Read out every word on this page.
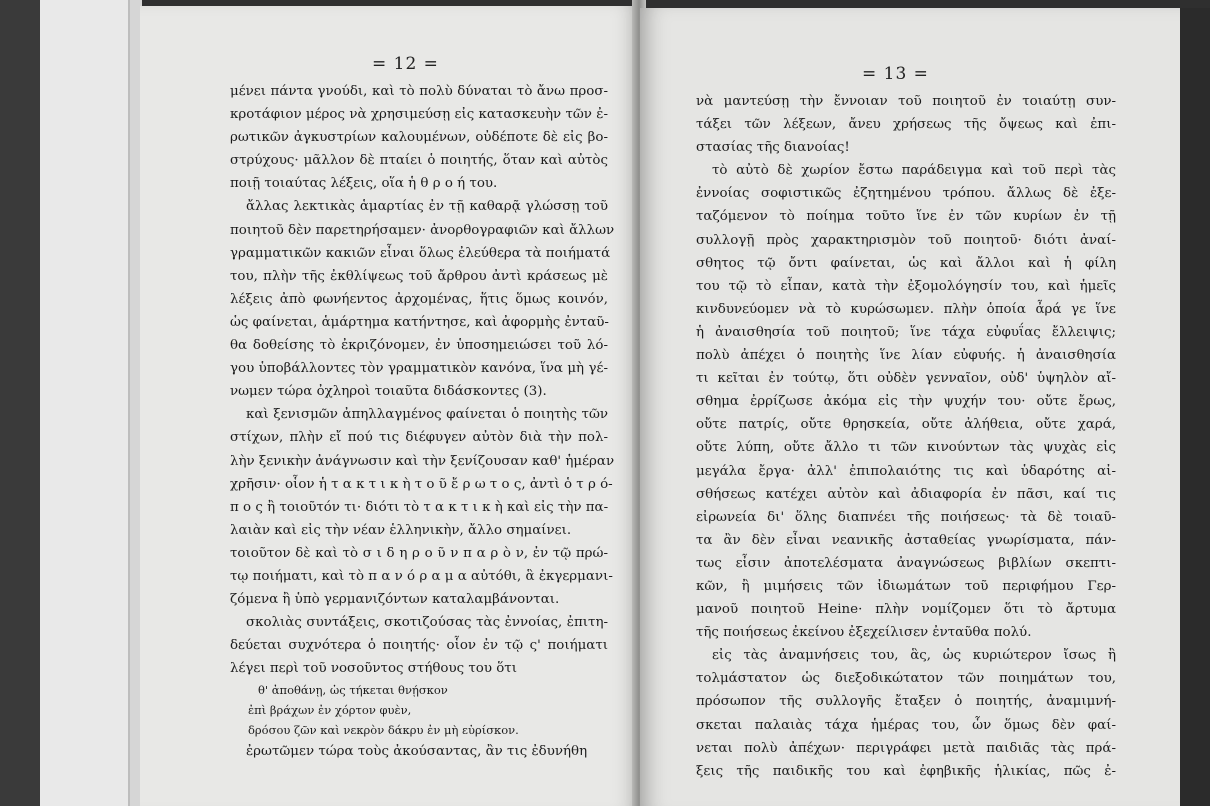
= 12 =
μένει πάντα γνούδι, καὶ τὸ πολὺ δύναται τὸ ἄνω προσ-
κροτάφιον μέρος νὰ χρησιμεύσῃ εἰς κατασκευὴν τῶν ἐ-
ρωτικῶν ἀγκυστρίων καλουμένων, οὐδέποτε δὲ εἰς βο-
στρύχους· μᾶλλον δὲ πταίει ὁ ποιητής, ὅταν καὶ αὐτὸς
ποιῇ τοιαύτας λέξεις, οἵα ἡ θ ρ ο ή του.
ἄλλας λεκτικὰς ἁμαρτίας ἐν τῇ καθαρᾷ γλώσσῃ τοῦ
ποιητοῦ δὲν παρετηρήσαμεν· ἀνορθογραφιῶν καὶ ἄλλων
γραμματικῶν κακιῶν εἶναι ὅλως ἐλεύθερα τὰ ποιήματά
του, πλὴν τῆς ἐκθλίψεως τοῦ ἄρθρου ἀντὶ κράσεως μὲ
λέξεις ἀπὸ φωνήεντος ἀρχομένας, ἥτις ὅμως κοινόν,
ὡς φαίνεται, ἁμάρτημα κατήντησε, καὶ ἀφορμὴς ἐνταῦ-
θα δοθείσης τὸ ἐκριζόνομεν, ἐν ὑποσημειώσει τοῦ λό-
γου ὑποβάλλοντες τὸν γραμματικὸν κανόνα, ἵνα μὴ γέ-
νωμεν τώρα ὀχληροὶ τοιαῦτα διδάσκοντες (3).
καὶ ξενισμῶν ἀπηλλαγμένος φαίνεται ὁ ποιητὴς τῶν
στίχων, πλὴν εἴ πού τις διέφυγεν αὐτὸν διὰ τὴν πολ-
λὴν ξενικὴν ἀνάγνωσιν καὶ τὴν ξενίζουσαν καθ' ἡμέραν
χρῆσιν· οἷον ἡ τ α κ τ ι κ ὴ τ ο ῦ ἔ ρ ω τ ο ς, ἀντὶ ὁ τ ρ ό-
π ο ς ἢ τοιοῦτόν τι· διότι τὸ τ α κ τ ι κ ὴ καὶ εἰς τὴν πα-
λαιὰν καὶ εἰς τὴν νέαν ἑλληνικὴν, ἄλλο σημαίνει.
τοιοῦτον δὲ καὶ τὸ σ ι δ η ρ ο ῦ ν π α ρ ὸ ν, ἐν τῷ πρώ-
τῳ ποιήματι, καὶ τὸ π α ν ό ρ α μ α αὐτόθι, ἃ ἐκγερμανι-
ζόμενα ἢ ὑπὸ γερμανιζόντων καταλαμβάνονται.
σκολιὰς συντάξεις, σκοτιζούσας τὰς ἐννοίας, ἐπιτη-
δεύεται συχνότερα ὁ ποιητής· οἷον ἐν τῷ ς' ποιήματι
λέγει περὶ τοῦ νοσοῦντος στήθους του ὅτι
θ' ἀποθάνῃ, ὡς τήκεται θνῄσκον
ἐπὶ βράχων ἐν χόρτον φυὲν,
δρόσου ζῶν καὶ νεκρὸν δάκρυ ἐν μὴ εὑρίσκον.
ἐρωτῶμεν τώρα τοὺς ἀκούσαντας, ἂν τις ἐδυνήθη
= 13 =
νὰ μαντεύσῃ τὴν ἔννοιαν τοῦ ποιητοῦ ἐν τοιαύτῃ συν-
τάξει τῶν λέξεων, ἄνευ χρήσεως τῆς ὄψεως καὶ ἐπι-
στασίας τῆς διανοίας!
τὸ αὐτὸ δὲ χωρίον ἔστω παράδειγμα καὶ τοῦ περὶ τὰς
ἐννοίας σοφιστικῶς ἐζητημένου τρόπου. ἄλλως δὲ ἐξε-
ταζόμενον τὸ ποίημα τοῦτο ἵνε ἐν τῶν κυρίων ἐν τῇ
συλλογῇ πρὸς χαρακτηρισμὸν τοῦ ποιητοῦ· διότι ἀναί-
σθητος τῷ ὄντι φαίνεται, ὡς καὶ ἄλλοι καὶ ἡ φίλη
του τῷ τὸ εἶπαν, κατὰ τὴν ἐξομολόγησίν του, καὶ ἡμεῖς
κινδυνεύομεν νὰ τὸ κυρώσωμεν. πλὴν ὁποία ἆρά γε ἵνε
ἡ ἀναισθησία τοῦ ποιητοῦ; ἵνε τάχα εὐφυΐας ἔλλειψις;
πολὺ ἀπέχει ὁ ποιητὴς ἵνε λίαν εὐφυής. ἡ ἀναισθησία
τι κεῖται ἐν τούτῳ, ὅτι οὐδὲν γενναῖον, οὐδ' ὑψηλὸν αἴ-
σθημα ἐρρίζωσε ἀκόμα εἰς τὴν ψυχήν του· οὔτε ἔρως,
οὔτε πατρίς, οὔτε θρησκεία, οὔτε ἀλήθεια, οὔτε χαρά,
οὔτε λύπη, οὔτε ἄλλο τι τῶν κινούντων τὰς ψυχὰς εἰς
μεγάλα ἔργα· ἀλλ' ἐπιπολαιότης τις καὶ ὑδαρότης αἰ-
σθήσεως κατέχει αὐτὸν καὶ ἀδιαφορία ἐν πᾶσι, καί τις
εἰρωνεία δι' ὅλης διαπνέει τῆς ποιήσεως· τὰ δὲ τοιαῦ-
τα ἂν δὲν εἶναι νεανικῆς ἀσταθείας γνωρίσματα, πάν-
τως εἶσιν ἀποτελέσματα ἀναγνώσεως βιβλίων σκεπτι-
κῶν, ἢ μιμήσεις τῶν ἰδιωμάτων τοῦ περιφήμου Γερ-
μανοῦ ποιητοῦ Heine· πλὴν νομίζομεν ὅτι τὸ ἄρτυμα
τῆς ποιήσεως ἐκείνου ἐξεχείλισεν ἐνταῦθα πολύ.
εἰς τὰς ἀναμνήσεις του, ἃς, ὡς κυριώτερον ἴσως ἢ
τολμάστατον ὡς διεξοδικώτατον τῶν ποιημάτων του,
πρόσωπον τῆς συλλογῆς ἔταξεν ὁ ποιητής, ἀναμιμνή-
σκεται παλαιὰς τάχα ἡμέρας του, ὧν ὅμως δὲν φαί-
νεται πολὺ ἀπέχων· περιγράφει μετὰ παιδιᾶς τὰς πρά-
ξεις τῆς παιδικῆς του καὶ ἐφηβικῆς ἡλικίας, πῶς ἐ-
